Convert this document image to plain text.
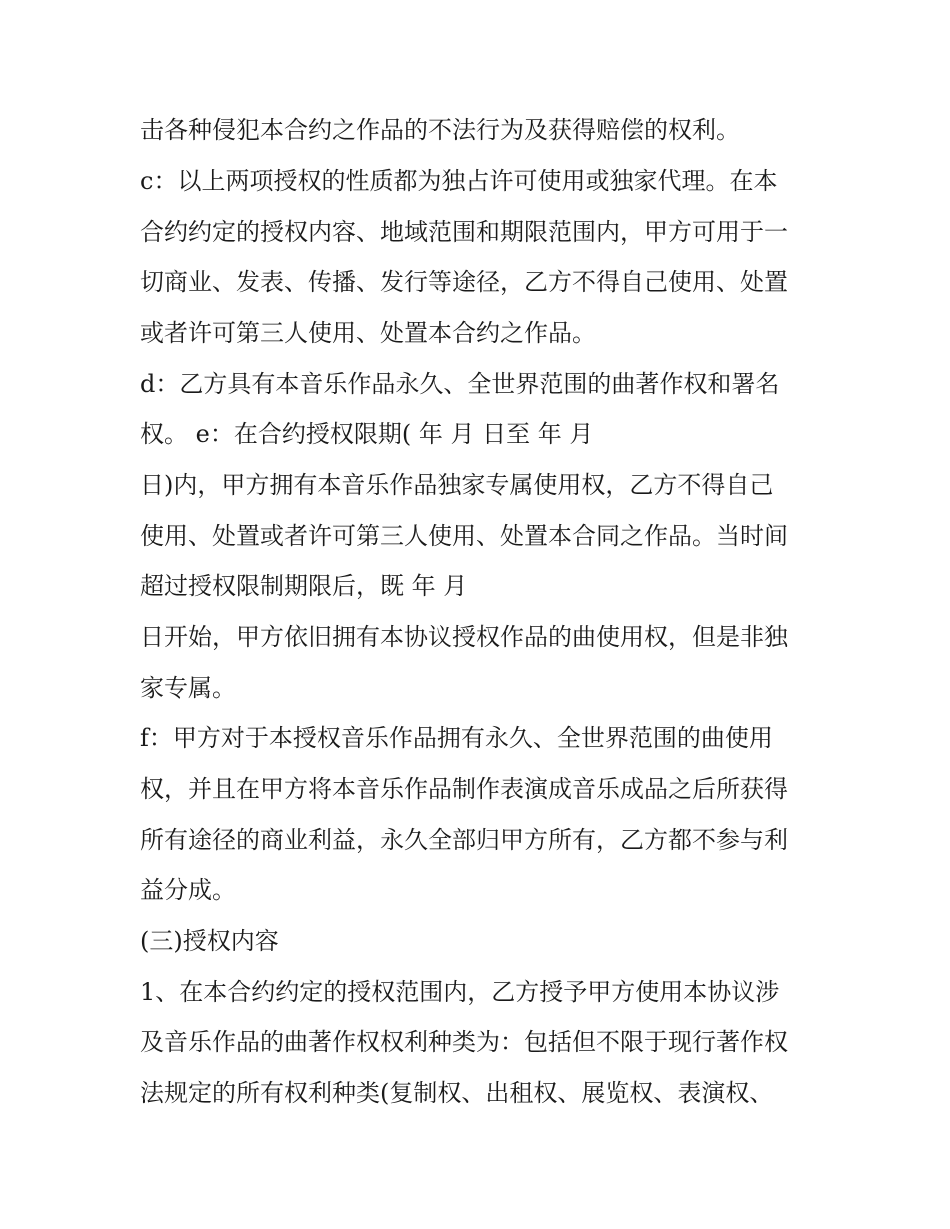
击各种侵犯本合约之作品的不法行为及获得赔偿的权利。
c：以上两项授权的性质都为独占许可使用或独家代理。在本
合约约定的授权内容、地域范围和期限范围内，甲方可用于一
切商业、发表、传播、发行等途径，乙方不得自己使用、处置
或者许可第三人使用、处置本合约之作品。
d：乙方具有本音乐作品永久、全世界范围的曲著作权和署名
权。 e：在合约授权限期( 年 月 日至 年 月
日)内，甲方拥有本音乐作品独家专属使用权，乙方不得自己
使用、处置或者许可第三人使用、处置本合同之作品。当时间
超过授权限制期限后，既 年 月
日开始，甲方依旧拥有本协议授权作品的曲使用权，但是非独
家专属。
f：甲方对于本授权音乐作品拥有永久、全世界范围的曲使用
权，并且在甲方将本音乐作品制作表演成音乐成品之后所获得
所有途径的商业利益，永久全部归甲方所有，乙方都不参与利
益分成。
(三)授权内容
1、在本合约约定的授权范围内，乙方授予甲方使用本协议涉
及音乐作品的曲著作权权利种类为：包括但不限于现行著作权
法规定的所有权利种类(复制权、出租权、展览权、表演权、
